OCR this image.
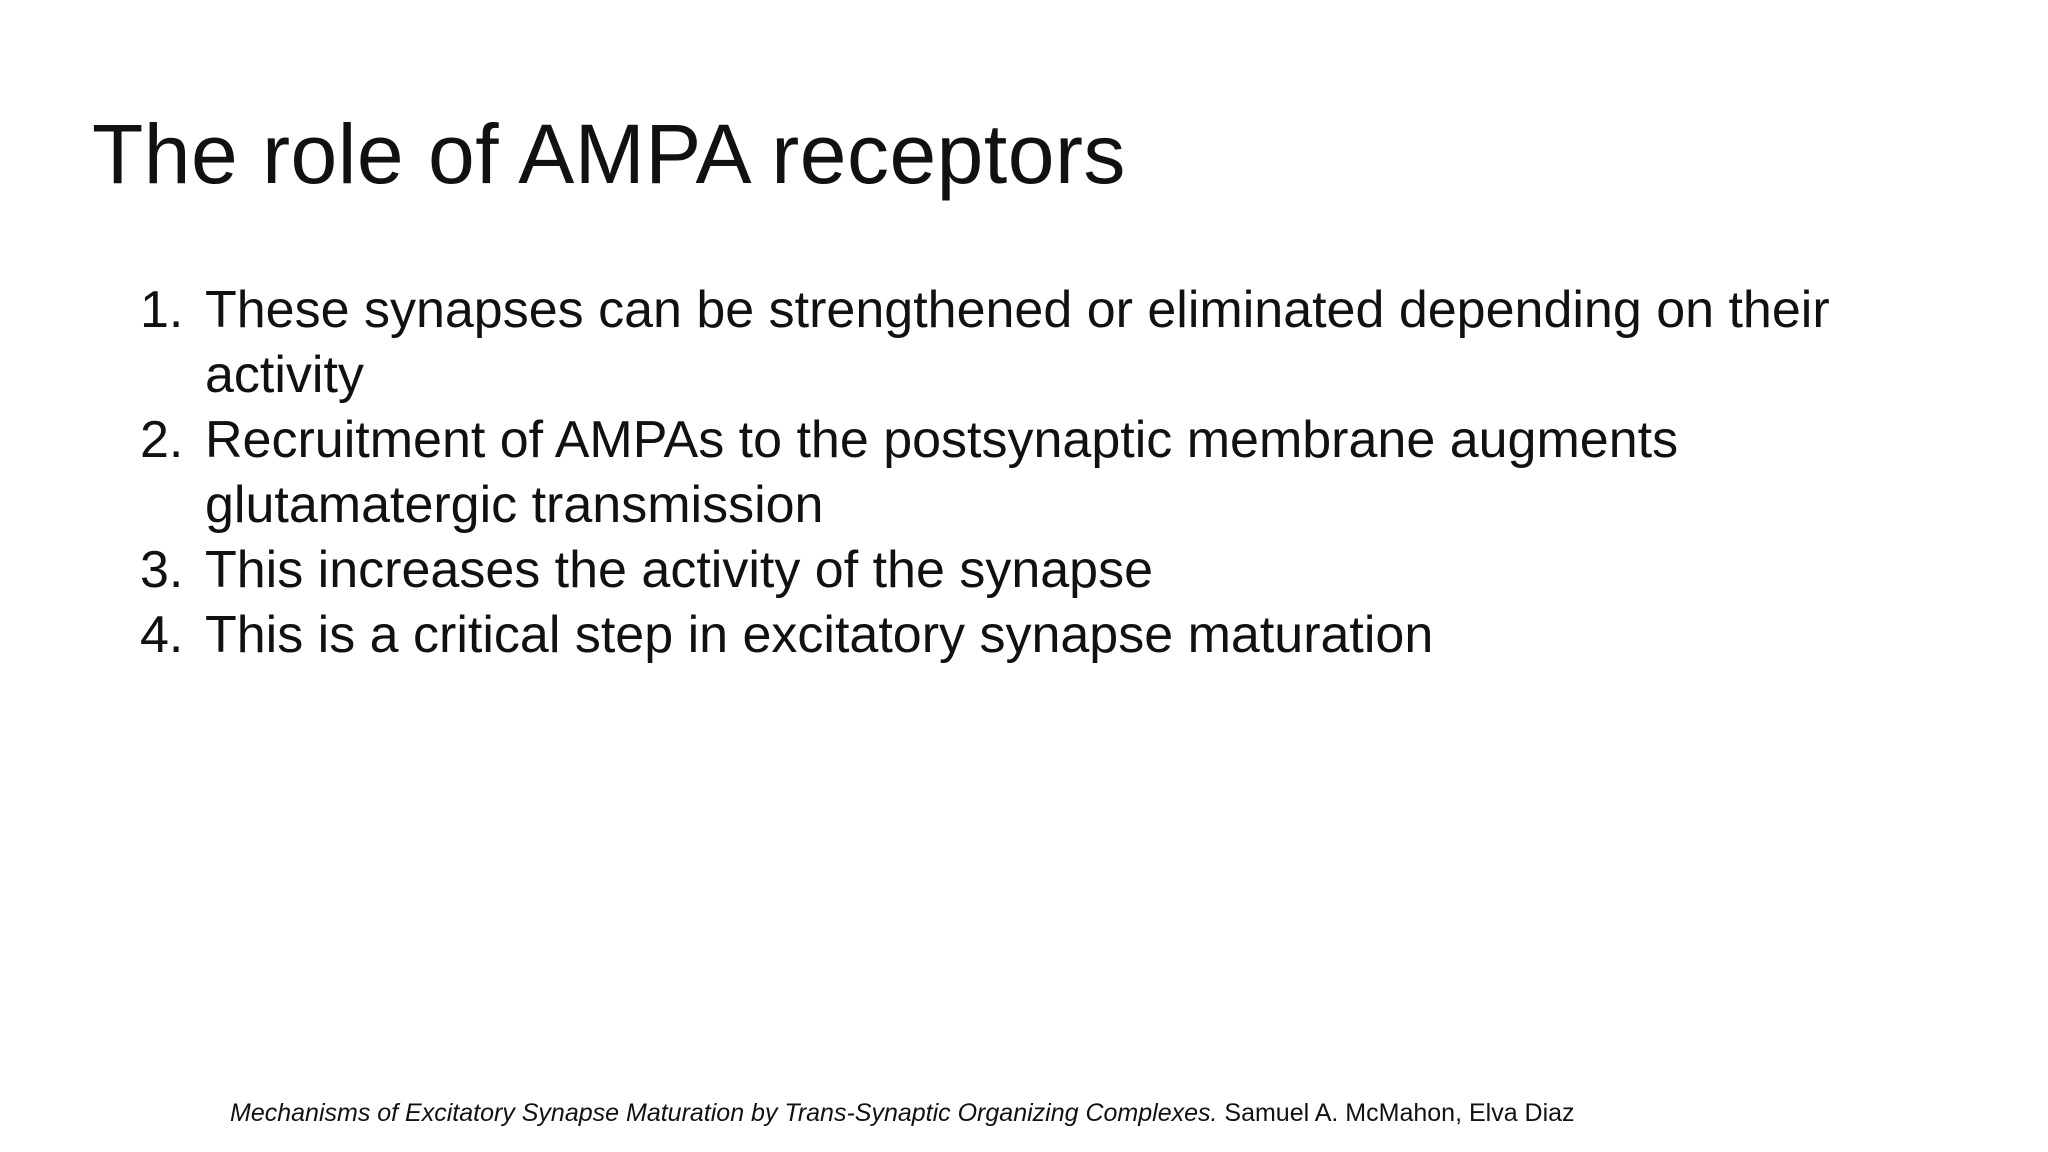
The role of AMPA receptors
1. These synapses can be strengthened or eliminated depending on their activity
2. Recruitment of AMPAs to the postsynaptic membrane augments glutamatergic transmission
3. This increases the activity of the synapse
4. This is a critical step in excitatory synapse maturation
Mechanisms of Excitatory Synapse Maturation by Trans-Synaptic Organizing Complexes. Samuel A. McMahon, Elva Diaz
